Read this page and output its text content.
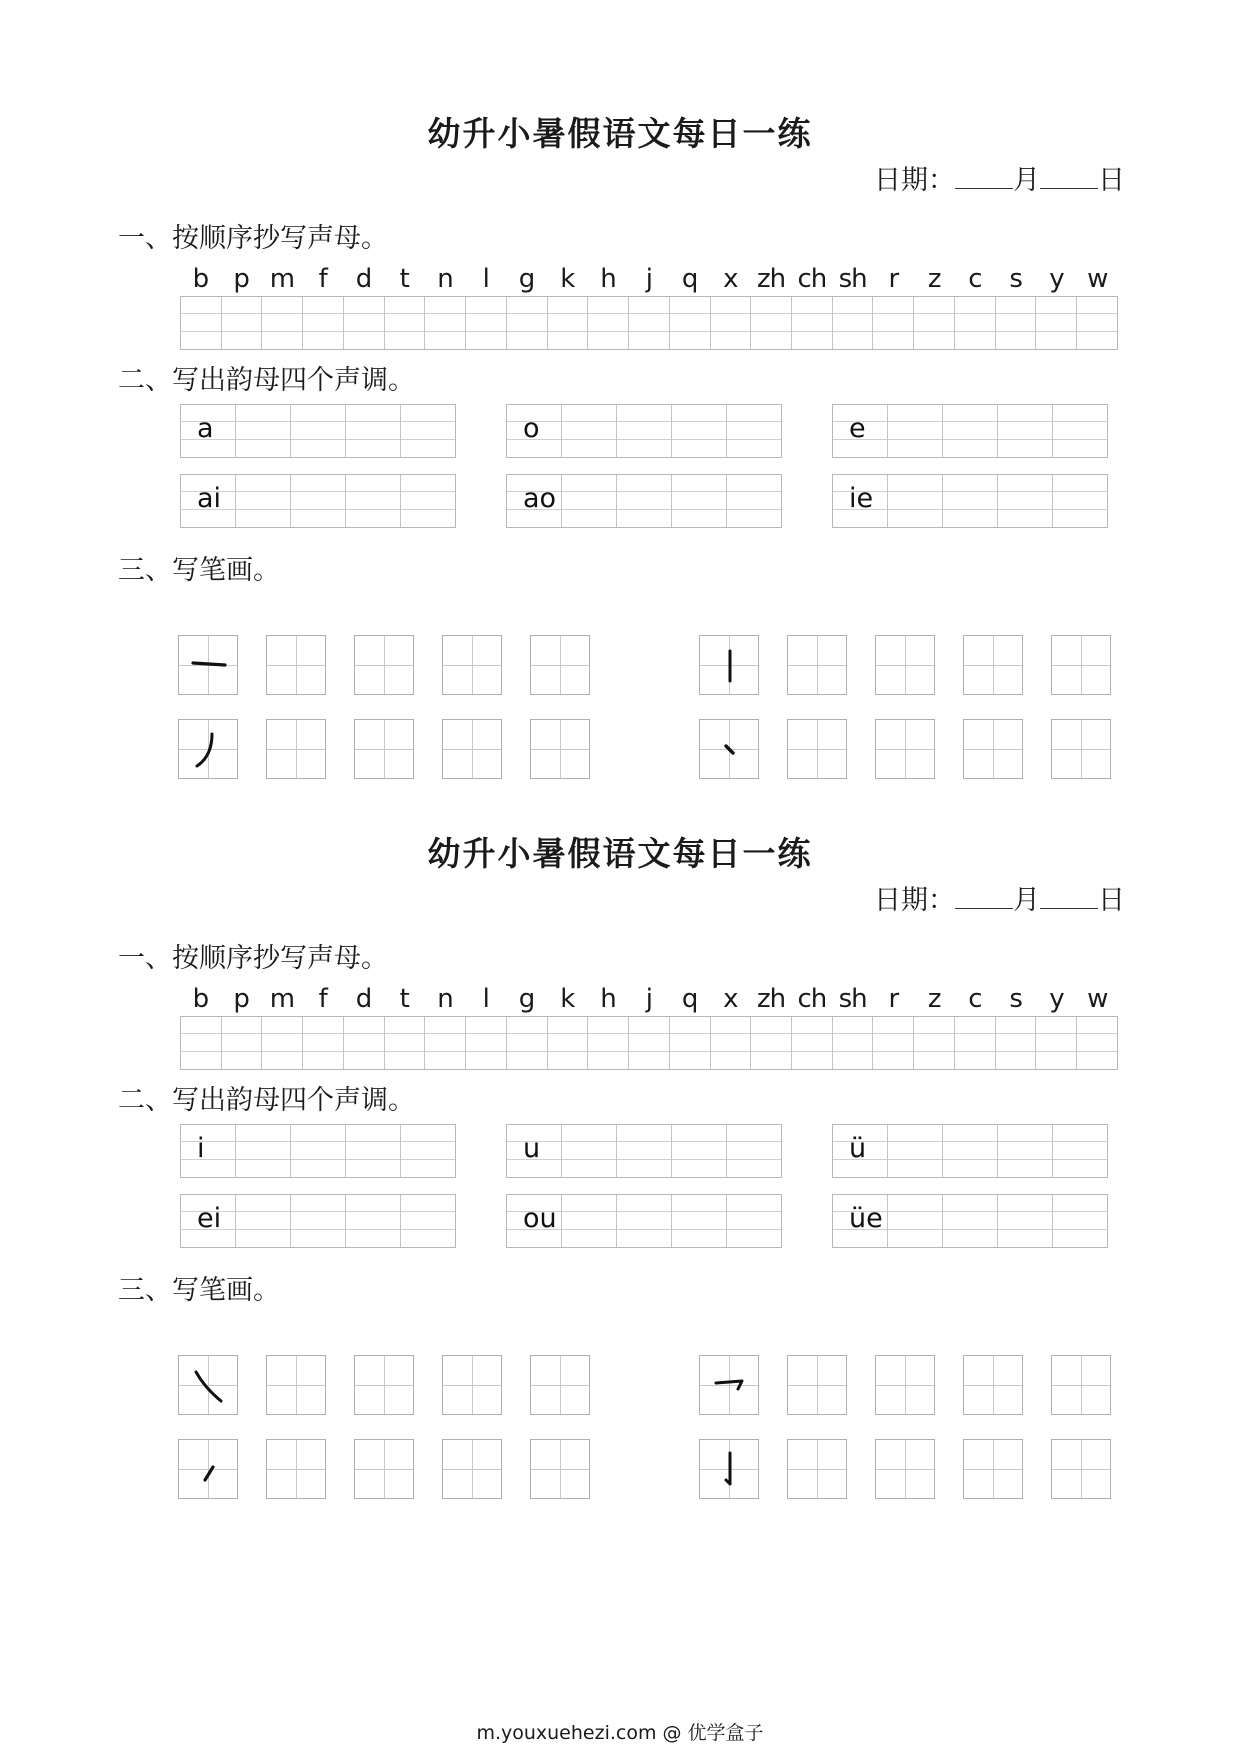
幼升小暑假语文每日一练
日期： 月 日
一、按顺序抄写声母。
b p m f	d	t	n	l	g k	h	j	q x zh ch sh r	z	c	s	y w
二、写出韵母四个声调。
a	o	e
ai	ao	ie
三、写笔画。
幼升小暑假语文每日一练
日期： 月 日
一、按顺序抄写声母。
b p m f	d	t	n	l	g k	h	j	q x zh ch sh r	z	c	s	y w
二、写出韵母四个声调。
i	u	ü
ei	ou	üe
三、写笔画。
m.youxuehezi.com @ 优学盒子
